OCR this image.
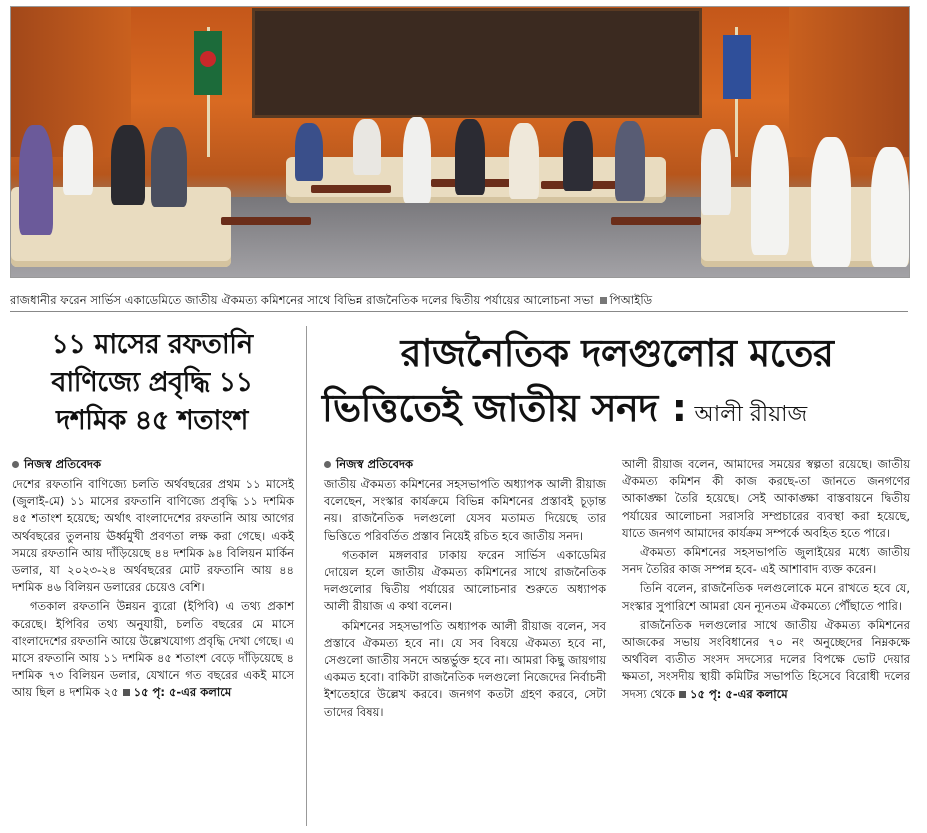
রাজধানীর ফরেন সার্ভিস একাডেমিতে জাতীয় ঐকমত্য কমিশনের সাথে বিভিন্ন রাজনৈতিক দলের দ্বিতীয় পর্যায়ের আলোচনা সভা পিআইডি
১১ মাসের রফতানি
বাণিজ্যে প্রবৃদ্ধি ১১
দশমিক ৪৫ শতাংশ
রাজনৈতিক দলগুলোর মতের
ভিত্তিতেই জাতীয় সনদ : আলী রীয়াজ
নিজস্ব প্রতিবেদক	নিজস্ব প্রতিবেদক

দেশের রফতানি বাণিজ্যে চলতি অর্থবছরের প্রথম ১১ মাসেই (জুলাই-মে) ১১ মাসের রফতানি বাণিজ্যে প্রবৃদ্ধি ১১ দশমিক ৪৫ শতাংশ হয়েছে; অর্থাৎ বাংলাদেশের রফতানি আয় আগের অর্থবছরের তুলনায় ঊর্ধ্বমুখী প্রবণতা লক্ষ করা গেছে। একই সময়ে রফতানি আয় দাঁড়িয়েছে ৪৪ দশমিক ৯৪ বিলিয়ন মার্কিন ডলার, যা ২০২৩-২৪ অর্থবছরের মোট রফতানি আয় ৪৪ দশমিক ৪৬ বিলিয়ন ডলারের চেয়েও বেশি।

গতকাল রফতানি উন্নয়ন ব্যুরো (ইপিবি) এ তথ্য প্রকাশ করেছে। ইপিবির তথ্য অনুযায়ী, চলতি বছরের মে মাসে বাংলাদেশের রফতানি আয়ে উল্লেখযোগ্য প্রবৃদ্ধি দেখা গেছে। এ মাসে রফতানি আয় ১১ দশমিক ৪৫ শতাংশ বেড়ে দাঁড়িয়েছে ৪ দশমিক ৭৩ বিলিয়ন ডলার, যেখানে গত বছরের একই মাসে আয় ছিল ৪ দশমিক ২৫ ১৫ পৃ: ৫-এর কলামে

জাতীয় ঐকমত্য কমিশনের সহসভাপতি অধ্যাপক আলী রীয়াজ বলেছেন, সংস্কার কার্যক্রমে বিভিন্ন কমিশনের প্রস্তাবই চূড়ান্ত নয়। রাজনৈতিক দলগুলো যেসব মতামত দিয়েছে তার ভিত্তিতে পরিবর্তিত প্রস্তাব নিয়েই রচিত হবে জাতীয় সনদ।

গতকাল মঙ্গলবার ঢাকায় ফরেন সার্ভিস একাডেমির দোয়েল হলে জাতীয় ঐকমত্য কমিশনের সাথে রাজনৈতিক দলগুলোর দ্বিতীয় পর্যায়ের আলোচনার শুরুতে অধ্যাপক আলী রীয়াজ এ কথা বলেন।

কমিশনের সহসভাপতি অধ্যাপক আলী রীয়াজ বলেন, সব প্রস্তাবে ঐকমত্য হবে না। যে সব বিষয়ে ঐকমত্য হবে না, সেগুলো জাতীয় সনদে অন্তর্ভুক্ত হবে না। আমরা কিছু জায়গায় একমত হবো। বাকিটা রাজনৈতিক দলগুলো নিজেদের নির্বাচনী ইশতেহারে উল্লেখ করবে। জনগণ কতটা গ্রহণ করবে, সেটা তাদের বিষয়।

আলী রীয়াজ বলেন, আমাদের সময়ের স্বল্পতা রয়েছে। জাতীয় ঐকমত্য কমিশন কী কাজ করছে-তা জানতে জনগণের আকাঙ্ক্ষা তৈরি হয়েছে। সেই আকাঙ্ক্ষা বাস্তবায়নে দ্বিতীয় পর্যায়ের আলোচনা সরাসরি সম্প্রচারের ব্যবস্থা করা হয়েছে, যাতে জনগণ আমাদের কার্যক্রম সম্পর্কে অবহিত হতে পারে।

ঐকমত্য কমিশনের সহসভাপতি জুলাইয়ের মধ্যে জাতীয় সনদ তৈরির কাজ সম্পন্ন হবে- এই আশাবাদ ব্যক্ত করেন।

তিনি বলেন, রাজনৈতিক দলগুলোকে মনে রাখতে হবে যে, সংস্কার সুপারিশে আমরা যেন ন্যূনতম ঐকমত্যে পৌঁছাতে পারি।

রাজনৈতিক দলগুলোর সাথে জাতীয় ঐকমত্য কমিশনের আজকের সভায় সংবিধানের ৭০ নং অনুচ্ছেদের নিম্নকক্ষে অর্থবিল ব্যতীত সংসদ সদস্যের দলের বিপক্ষে ভোট দেয়ার ক্ষমতা, সংসদীয় স্থায়ী কমিটির সভাপতি হিসেবে বিরোধী দলের সদস্য থেকে ১৫ পৃ: ৫-এর কলামে
